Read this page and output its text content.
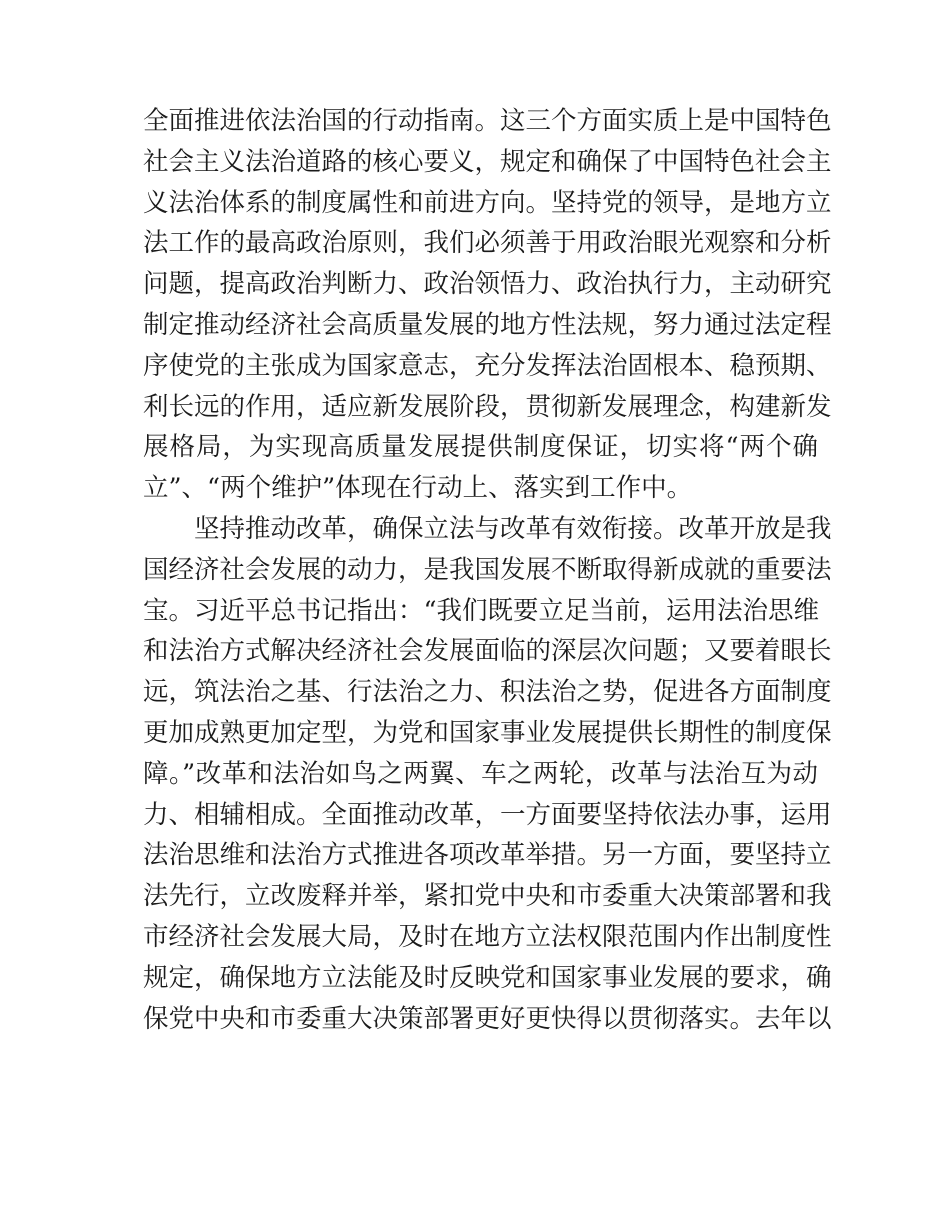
全面推进依法治国的行动指南。这三个方面实质上是中国特色
社会主义法治道路的核心要义，规定和确保了中国特色社会主
义法治体系的制度属性和前进方向。坚持党的领导，是地方立
法工作的最高政治原则，我们必须善于用政治眼光观察和分析
问题，提高政治判断力、政治领悟力、政治执行力，主动研究
制定推动经济社会高质量发展的地方性法规，努力通过法定程
序使党的主张成为国家意志，充分发挥法治固根本、稳预期、
利长远的作用，适应新发展阶段，贯彻新发展理念，构建新发
展格局，为实现高质量发展提供制度保证，切实将“两个确
立”、“两个维护”体现在行动上、落实到工作中。

坚持推动改革，确保立法与改革有效衔接。改革开放是我
国经济社会发展的动力，是我国发展不断取得新成就的重要法
宝。习近平总书记指出：“我们既要立足当前，运用法治思维
和法治方式解决经济社会发展面临的深层次问题；又要着眼长
远，筑法治之基、行法治之力、积法治之势，促进各方面制度
更加成熟更加定型，为党和国家事业发展提供长期性的制度保
障。”改革和法治如鸟之两翼、车之两轮，改革与法治互为动
力、相辅相成。全面推动改革，一方面要坚持依法办事，运用
法治思维和法治方式推进各项改革举措。另一方面，要坚持立
法先行，立改废释并举，紧扣党中央和市委重大决策部署和我
市经济社会发展大局，及时在地方立法权限范围内作出制度性
规定，确保地方立法能及时反映党和国家事业发展的要求，确
保党中央和市委重大决策部署更好更快得以贯彻落实。去年以
